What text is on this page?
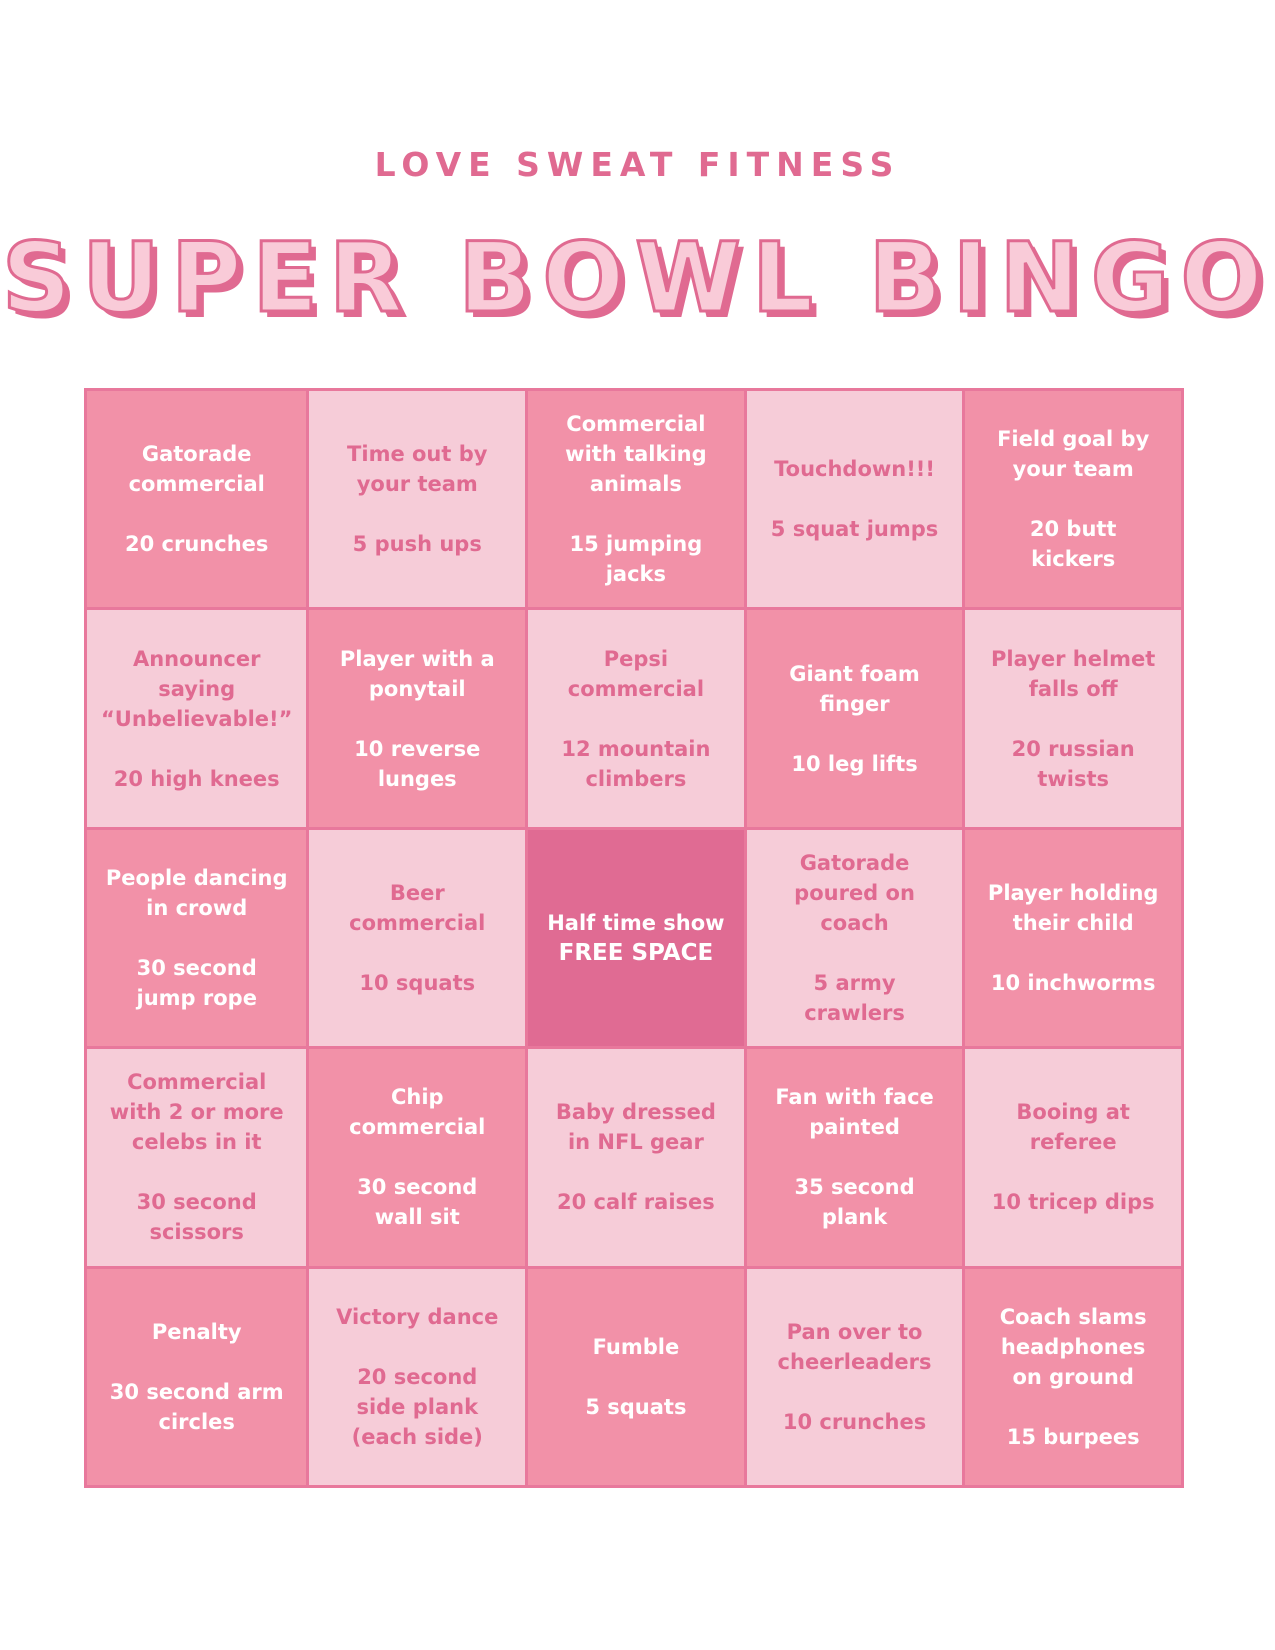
LOVE SWEAT FITNESS
SUPER BOWL BINGO
Gatorade
commercial
20 crunches
Time out by
your team
5 push ups
Commercial
with talking
animals
15 jumping
jacks
Touchdown!!!
5 squat jumps
Field goal by
your team
20 butt
kickers
Announcer
saying
“Unbelievable!”
20 high knees
Player with a
ponytail
10 reverse
lunges
Pepsi
commercial
12 mountain
climbers
Giant foam
finger
10 leg lifts
Player helmet
falls off
20 russian
twists
People dancing
in crowd
30 second
jump rope
Beer
commercial
10 squats
Half time show
FREE SPACE
Gatorade
poured on
coach
5 army
crawlers
Player holding
their child
10 inchworms
Commercial
with 2 or more
celebs in it
30 second
scissors
Chip
commercial
30 second
wall sit
Baby dressed
in NFL gear
20 calf raises
Fan with face
painted
35 second
plank
Booing at
referee
10 tricep dips
Penalty
30 second arm
circles
Victory dance
20 second
side plank
(each side)
Fumble
5 squats
Pan over to
cheerleaders
10 crunches
Coach slams
headphones
on ground
15 burpees
